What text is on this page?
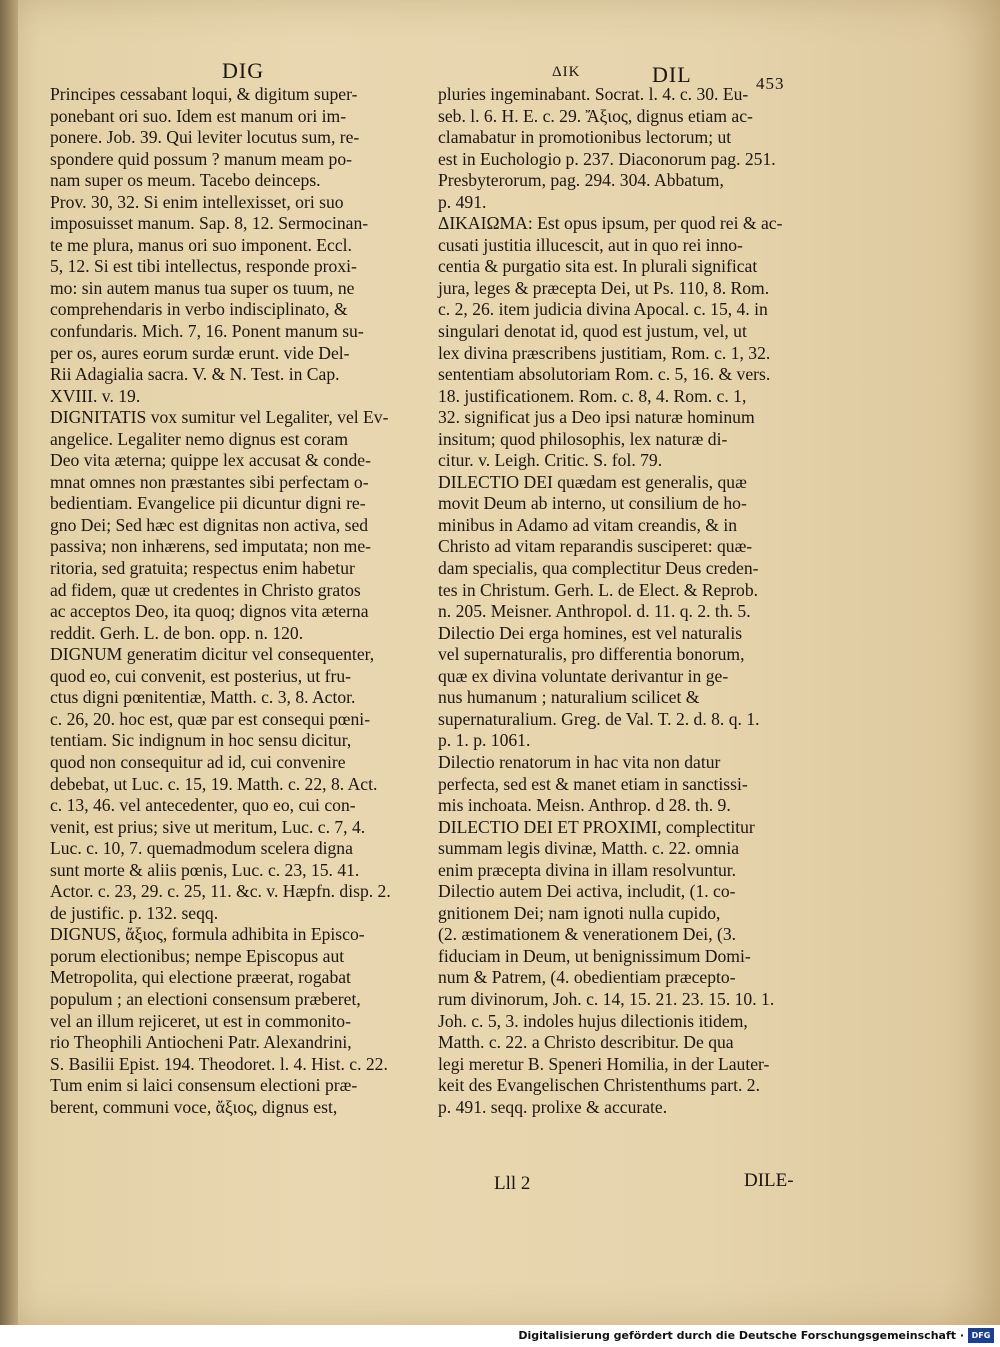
DIG	ΔΙΚ	DIL	453
Principes cessabant loqui, & digitum super-
ponebant ori suo. Idem est manum ori im-
ponere. Job. 39. Qui leviter locutus sum, re-
spondere quid possum ? manum meam po-
nam super os meum. Tacebo deinceps.
Prov. 30, 32. Si enim intellexisset, ori suo
imposuisset manum. Sap. 8, 12. Sermocinan-
te me plura, manus ori suo imponent. Eccl.
5, 12. Si est tibi intellectus, responde proxi-
mo: sin autem manus tua super os tuum, ne
comprehendaris in verbo indisciplinato, &
confundaris. Mich. 7, 16. Ponent manum su-
per os, aures eorum surdæ erunt. vide Del-
Rii Adagialia sacra. V. & N. Test. in Cap.
XVIII. v. 19.
DIGNITATIS vox sumitur vel Legaliter, vel Ev-
angelice. Legaliter nemo dignus est coram
Deo vita æterna; quippe lex accusat & conde-
mnat omnes non præstantes sibi perfectam o-
bedientiam. Evangelice pii dicuntur digni re-
gno Dei; Sed hæc est dignitas non activa, sed
passiva; non inhærens, sed imputata; non me-
ritoria, sed gratuita; respectus enim habetur
ad fidem, quæ ut credentes in Christo gratos
ac acceptos Deo, ita quoq; dignos vita æterna
reddit. Gerh. L. de bon. opp. n. 120.
DIGNUM generatim dicitur vel consequenter,
quod eo, cui convenit, est posterius, ut fru-
ctus digni pœnitentiæ, Matth. c. 3, 8. Actor.
c. 26, 20. hoc est, quæ par est consequi pœni-
tentiam. Sic indignum in hoc sensu dicitur,
quod non consequitur ad id, cui convenire
debebat, ut Luc. c. 15, 19. Matth. c. 22, 8. Act.
c. 13, 46. vel antecedenter, quo eo, cui con-
venit, est prius; sive ut meritum, Luc. c. 7, 4.
Luc. c. 10, 7. quemadmodum scelera digna
sunt morte & aliis pœnis, Luc. c. 23, 15. 41.
Actor. c. 23, 29. c. 25, 11. &c. v. Hæpfn. disp. 2.
de justific. p. 132. seqq.
DIGNUS, ἄξιος, formula adhibita in Episco-
porum electionibus; nempe Episcopus aut
Metropolita, qui electione præerat, rogabat
populum ; an electioni consensum præberet,
vel an illum rejiceret, ut est in commonito-
rio Theophili Antiocheni Patr. Alexandrini,
S. Basilii Epist. 194. Theodoret. l. 4. Hist. c. 22.
Tum enim si laici consensum electioni præ-
berent, communi voce, ἄξιος, dignus est,
pluries ingeminabant. Socrat. l. 4. c. 30. Eu-
seb. l. 6. H. E. c. 29. Ἄξιος, dignus etiam ac-
clamabatur in promotionibus lectorum; ut
est in Euchologio p. 237. Diaconorum pag. 251.
Presbyterorum, pag. 294. 304. Abbatum,
p. 491.
ΔΙΚΑΙΩΜΑ: Est opus ipsum, per quod rei & ac-
cusati justitia illucescit, aut in quo rei inno-
centia & purgatio sita est. In plurali significat
jura, leges & præcepta Dei, ut Ps. 110, 8. Rom.
c. 2, 26. item judicia divina Apocal. c. 15, 4. in
singulari denotat id, quod est justum, vel, ut
lex divina præscribens justitiam, Rom. c. 1, 32.
sententiam absolutoriam Rom. c. 5, 16. & vers.
18. justificationem. Rom. c. 8, 4. Rom. c. 1,
32. significat jus a Deo ipsi naturæ hominum
insitum; quod philosophis, lex naturæ di-
citur. v. Leigh. Critic. S. fol. 79.
DILECTIO DEI quædam est generalis, quæ
movit Deum ab interno, ut consilium de ho-
minibus in Adamo ad vitam creandis, & in
Christo ad vitam reparandis susciperet: quæ-
dam specialis, qua complectitur Deus creden-
tes in Christum. Gerh. L. de Elect. & Reprob.
n. 205. Meisner. Anthropol. d. 11. q. 2. th. 5.
Dilectio Dei erga homines, est vel naturalis
vel supernaturalis, pro differentia bonorum,
quæ ex divina voluntate derivantur in ge-
nus humanum ; naturalium scilicet &
supernaturalium. Greg. de Val. T. 2. d. 8. q. 1.
p. 1. p. 1061.
Dilectio renatorum in hac vita non datur
perfecta, sed est & manet etiam in sanctissi-
mis inchoata. Meisn. Anthrop. d 28. th. 9.
DILECTIO DEI ET PROXIMI, complectitur
summam legis divinæ, Matth. c. 22. omnia
enim præcepta divina in illam resolvuntur.
Dilectio autem Dei activa, includit, (1. co-
gnitionem Dei; nam ignoti nulla cupido,
(2. æstimationem & venerationem Dei, (3.
fiduciam in Deum, ut benignissimum Domi-
num & Patrem, (4. obedientiam præcepto-
rum divinorum, Joh. c. 14, 15. 21. 23. 15. 10. 1.
Joh. c. 5, 3. indoles hujus dilectionis itidem,
Matth. c. 22. a Christo describitur. De qua
legi meretur B. Speneri Homilia, in der Lauter-
keit des Evangelischen Christenthums part. 2.
p. 491. seqq. prolixe & accurate.
Lll 2	DILE-
Digitalisierung gefördert durch die Deutsche Forschungsgemeinschaft · DFG
